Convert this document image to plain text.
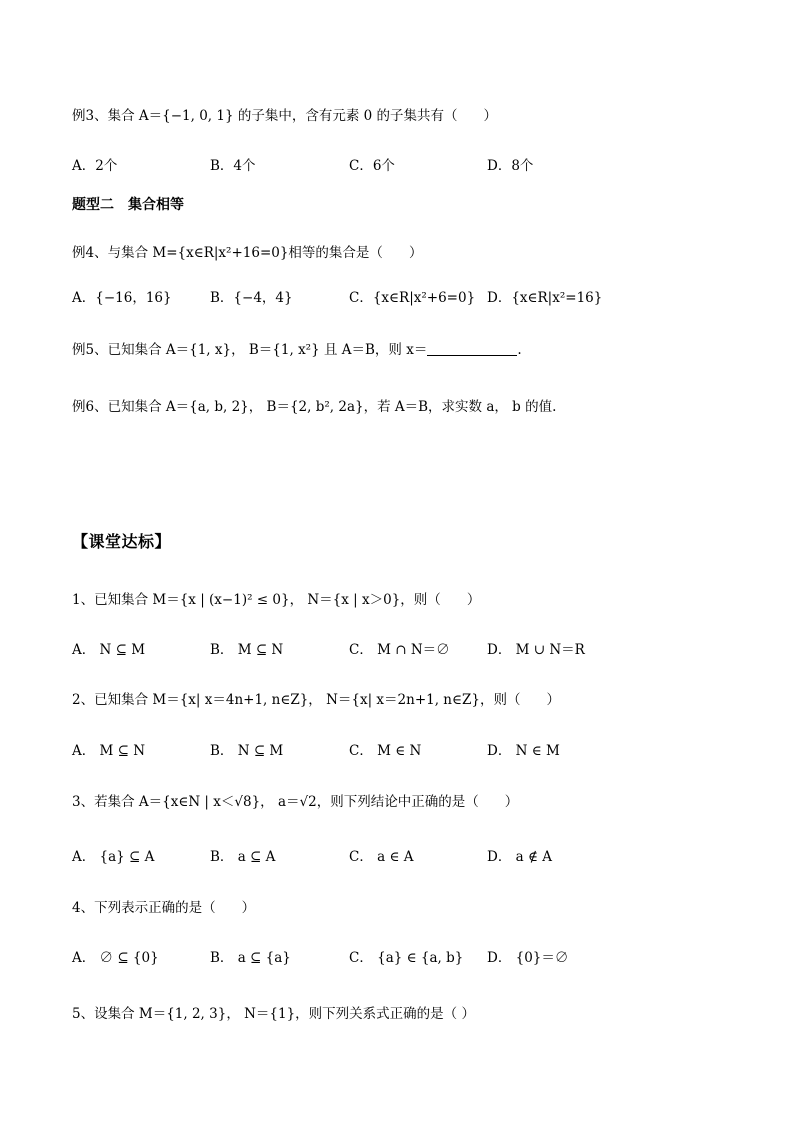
例3、集合 A＝{−1, 0, 1} 的子集中，含有元素 0 的子集共有（ ）
A．2个	B．4个	C．6个	D．8个
题型二　集合相等
例4、与集合 M={x∈R|x²+16=0}相等的集合是（ ）
A．{−16，16}	B．{−4，4}	C．{x∈R|x²+6=0} D．{x∈R|x²=16}
例5、已知集合 A＝{1, x}， B＝{1, x²} 且 A＝B，则 x＝	.
例6、已知集合 A＝{a, b, 2}， B＝{2, b², 2a}，若 A＝B，求实数 a， b 的值.
【课堂达标】
1、已知集合 M＝{x | (x−1)² ≤ 0}， N＝{x | x＞0}，则（ ）
A． N ⊆ M	B． M ⊆ N	C． M ∩ N＝∅	D． M ∪ N＝R
2、已知集合 M＝{x| x＝4n+1, n∈Z}， N＝{x| x＝2n+1, n∈Z}，则（ ）
A． M ⊆ N	B． N ⊆ M	C． M ∈ N	D． N ∈ M
3、若集合 A＝{x∈N | x＜√8}， a＝√2，则下列结论中正确的是（ ）
A． {a} ⊆ A	B． a ⊆ A	C． a ∈ A	D． a ∉ A
4、下列表示正确的是（ ）
A． ∅ ⊆ {0}	B． a ⊆ {a}	C． {a} ∈ {a, b} D． {0}＝∅
5、设集合 M＝{1, 2, 3}， N＝{1}，则下列关系式正确的是（ ）
